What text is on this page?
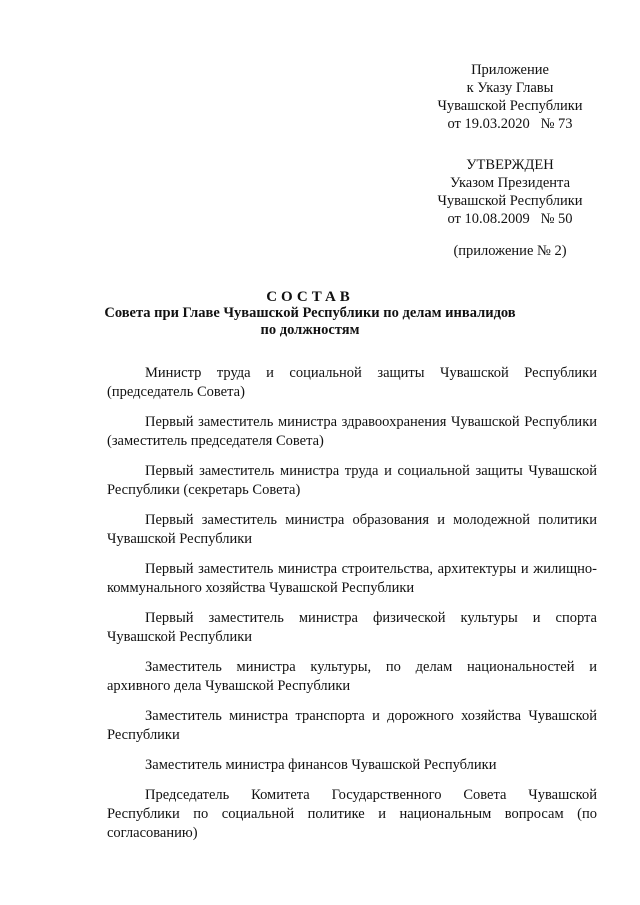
Приложение
к Указу Главы
Чувашской Республики
от 19.03.2020   № 73
УТВЕРЖДЕН
Указом Президента
Чувашской Республики
от 10.08.2009   № 50
(приложение № 2)
СОСТАВ
Совета при Главе Чувашской Республики по делам инвалидов
по должностям
Министр труда и социальной защиты Чувашской Республики (председатель Совета)
Первый заместитель министра здравоохранения Чувашской Республики (заместитель председателя Совета)
Первый заместитель министра труда и социальной защиты Чувашской Республики (секретарь Совета)
Первый заместитель министра образования и молодежной политики Чувашской Республики
Первый заместитель министра строительства, архитектуры и жилищно-коммунального хозяйства Чувашской Республики
Первый заместитель министра физической культуры и спорта Чувашской Республики
Заместитель министра культуры, по делам национальностей и архивного дела Чувашской Республики
Заместитель министра транспорта и дорожного хозяйства Чувашской Республики
Заместитель министра финансов Чувашской Республики
Председатель Комитета Государственного Совета Чувашской Республики по социальной политике и национальным вопросам (по согласованию)
